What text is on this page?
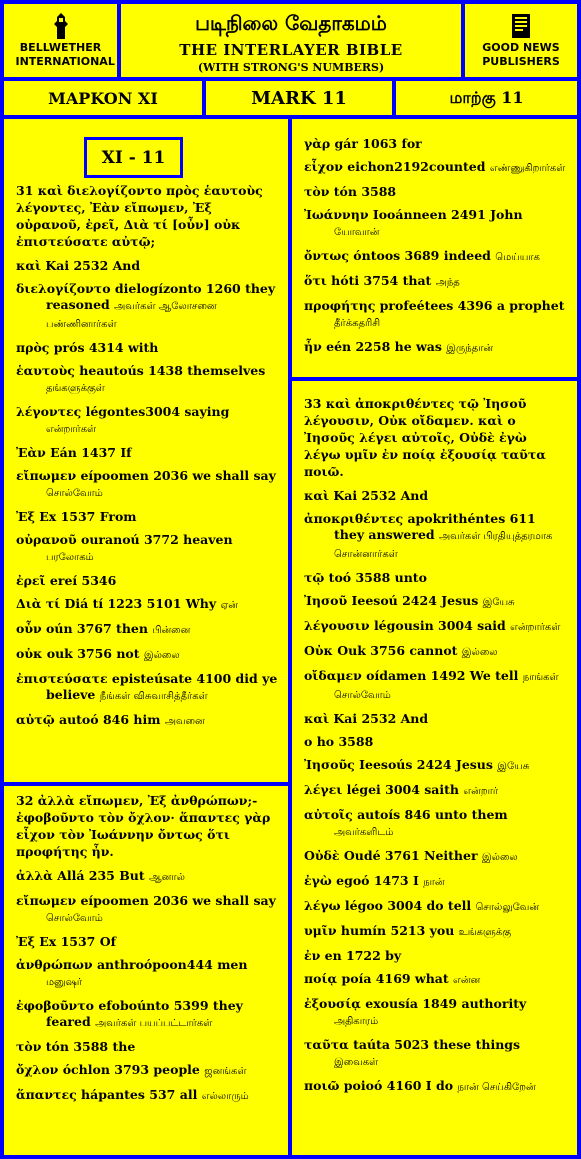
BELLWETHER INTERNATIONAL
படிநிலை வேதாகமம்
THE INTERLAYER BIBLE
(WITH STRONG'S NUMBERS)
GOOD NEWS PUBLISHERS
MAPKON XI	MARK 11	மாற்கு 11
31 καὶ διελογίζοντο πρὸς ἑαυτοὺς λέγοντες, Ἐὰν εἴπωμεν, Ἐξ οὐρανοῦ, ἐρεῖ, Διὰ τί [οὖν] οὐκ ἐπιστεύσατε αὐτῷ;
καὶ Kai 2532 And
διελογίζοντο dielogízonto 1260 they reasoned அவர்கள் ஆலோசனை பண்ணினார்கள்
πρὸς prós 4314 with
ἑαυτοὺς heautoús 1438 themselves தங்களுக்குள்
λέγοντες légontes3004 saying என்றார்கள்
Ἐὰν Eán 1437 If
εἴπωμεν eípoomen 2036 we shall say சொல்வோம்
Ἐξ Ex 1537 From
οὐρανοῦ ouranoú 3772 heaven பரலோகம்
ἐρεῖ ereí 5346
Διὰ τί Diá tí 1223 5101 Why ஏன்
οὖν oún 3767 then பின்னை
οὐκ ouk 3756 not இல்லை
ἐπιστεύσατε episteúsate 4100 did ye believe நீங்கள் விசுவாசித்தீர்கள்
αὐτῷ autoó 846 him அவனை
XI - 11
32 ἀλλὰ εἴπωμεν, Ἐξ ἀνθρώπων;- ἐφοβοῦντο τὸν ὄχλον· ἅπαντες γὰρ εἶχον τὸν Ἰωάννην ὄντως ὅτι προφήτης ἦν.
ἀλλὰ Allá 235 But ஆனால்
εἴπωμεν eípoomen 2036 we shall say சொல்வோம்
Ἐξ Ex 1537 Of
ἀνθρώπων anthroópoon444 men மனுஷர்
ἐφοβοῦντο efoboúnto 5399 they feared அவர்கள் பயப்பட்டார்கள்
τὸν tón 3588 the
ὄχλον óchlon 3793 people ஜனங்கள்
ἅπαντες hápantes 537 all எல்லாரும்
γὰρ gár 1063 for
εἶχον eichon2192counted எண்ணுகிறார்கள்
τὸν tón 3588
Ἰωάννην Iooánneen 2491 John யோவான்
ὄντως óntoos 3689 indeed மெய்யாக
ὅτι hóti 3754 that அந்த
προφήτης profeétees 4396 a prophet தீர்க்கதரிசி
ἦν eén 2258 he was இருந்தான்
33 καὶ ἀποκριθέντες τῷ Ἰησοῦ λέγουσιν, Οὐκ οἴδαμεν. καὶ ο Ἰησοῦς λέγει αὐτοῖς, Οὐδὲ ἐγὼ λέγω υμῖν ἐν ποίᾳ ἐξουσίᾳ ταῦτα ποιῶ.
καὶ Kai 2532 And
ἀποκριθέντες apokrithéntes 611 they answered அவர்கள் பிரதியுத்தரமாக சொன்னார்கள்
τῷ toó 3588 unto
Ἰησοῦ Ieesoú 2424 Jesus இயேசு
λέγουσιν légousin 3004 said என்றார்கள்
Οὐκ Ouk 3756 cannot இல்லை
οἴδαμεν oídamen 1492 We tell நாங்கள் சொல்வோம்
καὶ Kai 2532 And
ο ho 3588
Ἰησοῦς Ieesoús 2424 Jesus இயேசு
λέγει légei 3004 saith என்றார்
αὐτοῖς autoís 846 unto them அவர்களிடம்
Οὐδὲ Oudé 3761 Neither இல்லை
ἐγὼ egoó 1473 I நான்
λέγω légoo 3004 do tell சொல்லுவேன்
υμῖν humín 5213 you உங்களுக்கு
ἐν en 1722 by
ποίᾳ poía 4169 what என்ன
ἐξουσίᾳ exousía 1849 authority அதிகாரம்
ταῦτα taúta 5023 these things இவைகள்
ποιῶ poioó 4160 I do நான் செய்கிறேன்
